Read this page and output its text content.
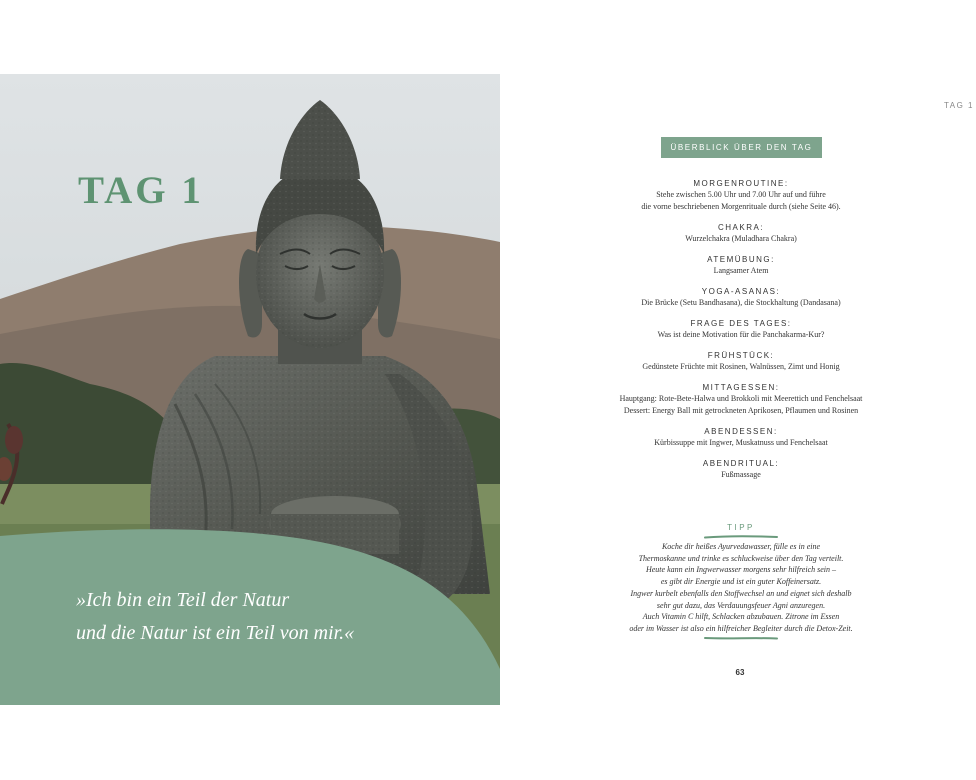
TAG 1
»Ich bin ein Teil der Natur
und die Natur ist ein Teil von mir.«
TAG 1
ÜBERBLICK ÜBER DEN TAG
MORGENROUTINE:
Stehe zwischen 5.00 Uhr und 7.00 Uhr auf und führe
die vorne beschriebenen Morgenrituale durch (siehe Seite 46).
CHAKRA:
Wurzelchakra (Muladhara Chakra)
ATEMÜBUNG:
Langsamer Atem
YOGA-ASANAS:
Die Brücke (Setu Bandhasana), die Stockhaltung (Dandasana)
FRAGE DES TAGES:
Was ist deine Motivation für die Panchakarma-Kur?
FRÜHSTÜCK:
Gedünstete Früchte mit Rosinen, Walnüssen, Zimt und Honig
MITTAGESSEN:
Hauptgang: Rote-Bete-Halwa und Brokkoli mit Meerettich und Fenchelsaat
Dessert: Energy Ball mit getrockneten Aprikosen, Pflaumen und Rosinen
ABENDESSEN:
Kürbissuppe mit Ingwer, Muskatnuss und Fenchelsaat
ABENDRITUAL:
Fußmassage
TIPP
Koche dir heißes Ayurvedawasser, fülle es in eine
Thermoskanne und trinke es schluckweise über den Tag verteilt.
Heute kann ein Ingwerwasser morgens sehr hilfreich sein –
es gibt dir Energie und ist ein guter Koffeinersatz.
Ingwer kurbelt ebenfalls den Stoffwechsel an und eignet sich deshalb
sehr gut dazu, das Verdauungsfeuer Agni anzuregen.
Auch Vitamin C hilft, Schlacken abzubauen. Zitrone im Essen
oder im Wasser ist also ein hilfreicher Begleiter durch die Detox-Zeit.
63
